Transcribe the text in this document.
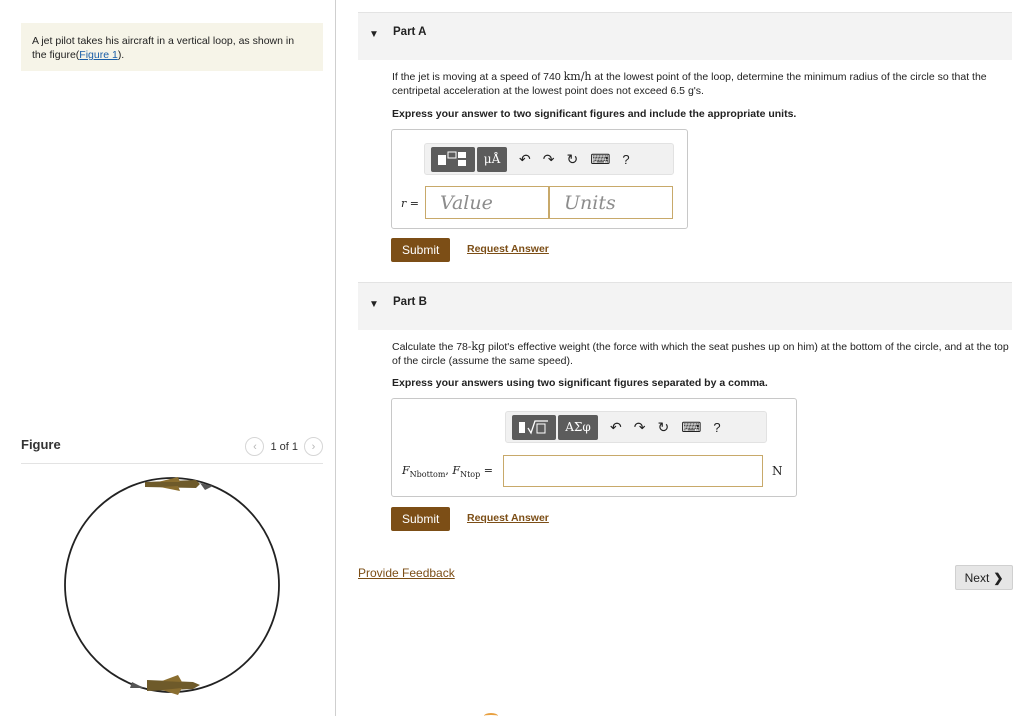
A jet pilot takes his aircraft in a vertical loop, as shown in the figure(Figure 1).
Figure	‹ 1 of 1 ›
▼ Part A
If the jet is moving at a speed of 740 km/h at the lowest point of the loop, determine the minimum radius of the circle so that the centripetal acceleration at the lowest point does not exceed 6.5 g's.
Express your answer to two significant figures and include the appropriate units.
μÅ	↶ ↷ ↻ ⌨ ?
r =
Value
Units
Submit	Request Answer
▼ Part B
Calculate the 78-kg pilot's effective weight (the force with which the seat pushes up on him) at the bottom of the circle, and at the top of the circle (assume the same speed).
Express your answers using two significant figures separated by a comma.
ΑΣφ	↶ ↷ ↻ ⌨ ?
$F_{Nbottom}$, $F_{Ntop}$ =	N
Submit	Request Answer
Provide Feedback	Next ❯
